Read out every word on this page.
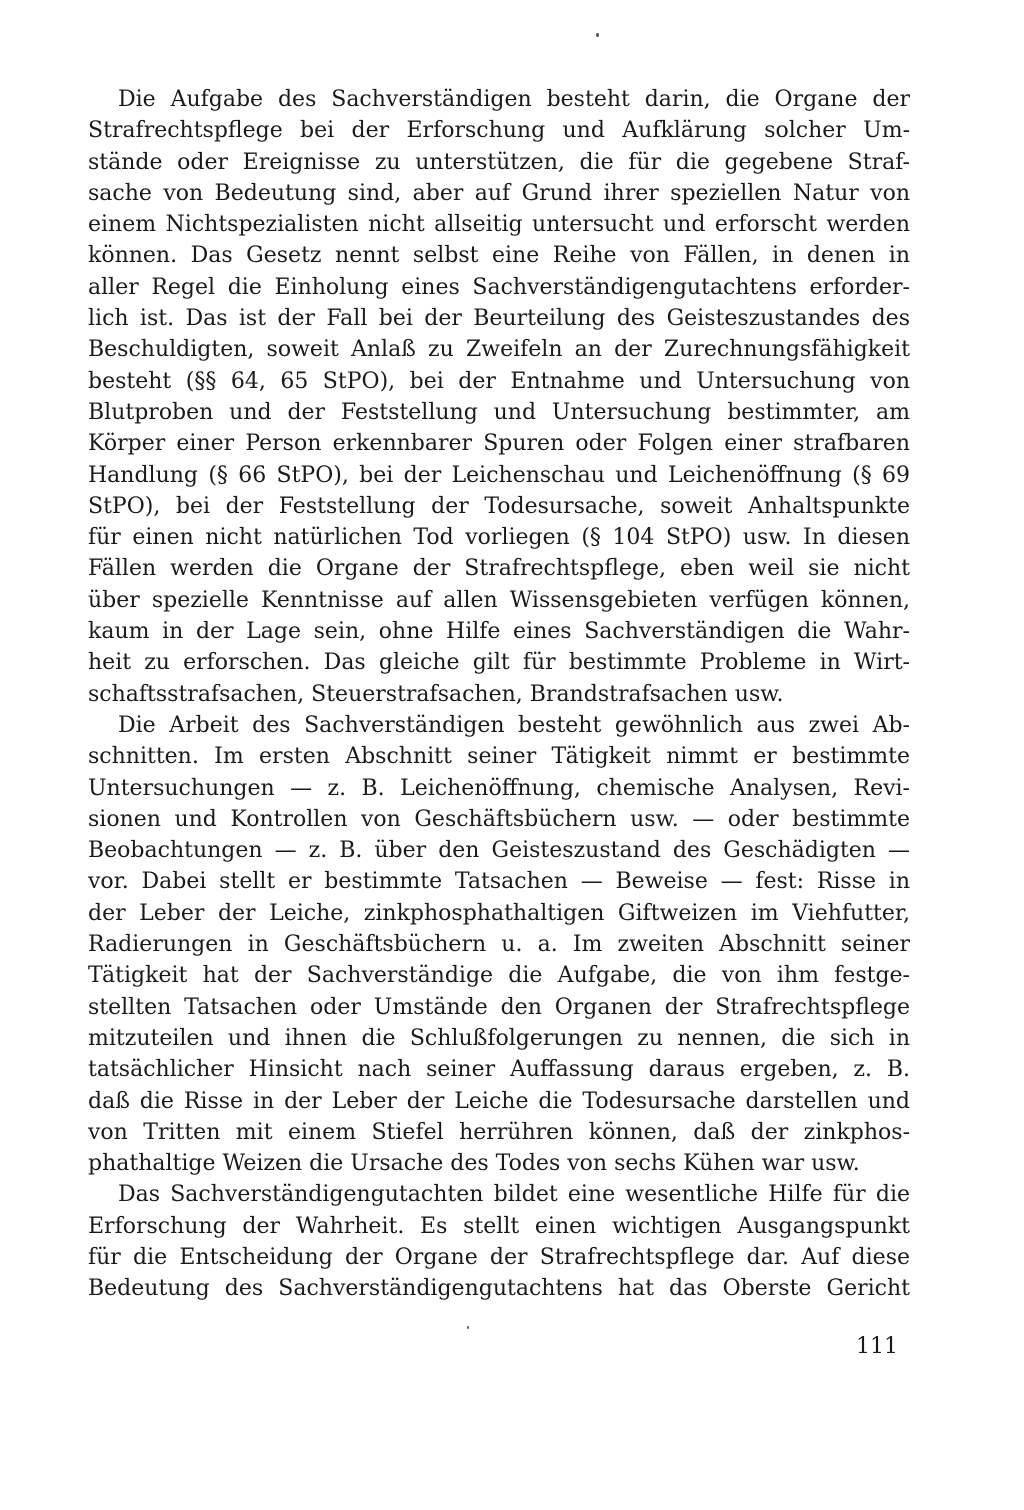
Die Aufgabe des Sachverständigen besteht darin, die Organe der
Strafrechtspflege bei der Erforschung und Aufklärung solcher Um-
stände oder Ereignisse zu unterstützen, die für die gegebene Straf-
sache von Bedeutung sind, aber auf Grund ihrer speziellen Natur von
einem Nichtspezialisten nicht allseitig untersucht und erforscht werden
können. Das Gesetz nennt selbst eine Reihe von Fällen, in denen in
aller Regel die Einholung eines Sachverständigengutachtens erforder-
lich ist. Das ist der Fall bei der Beurteilung des Geisteszustandes des
Beschuldigten, soweit Anlaß zu Zweifeln an der Zurechnungsfähigkeit
besteht (§§ 64, 65 StPO), bei der Entnahme und Untersuchung von
Blutproben und der Feststellung und Untersuchung bestimmter, am
Körper einer Person erkennbarer Spuren oder Folgen einer strafbaren
Handlung (§ 66 StPO), bei der Leichenschau und Leichenöffnung (§ 69
StPO), bei der Feststellung der Todesursache, soweit Anhaltspunkte
für einen nicht natürlichen Tod vorliegen (§ 104 StPO) usw. In diesen
Fällen werden die Organe der Strafrechtspflege, eben weil sie nicht
über spezielle Kenntnisse auf allen Wissensgebieten verfügen können,
kaum in der Lage sein, ohne Hilfe eines Sachverständigen die Wahr-
heit zu erforschen. Das gleiche gilt für bestimmte Probleme in Wirt-
schaftsstrafsachen, Steuerstrafsachen, Brandstrafsachen usw.
Die Arbeit des Sachverständigen besteht gewöhnlich aus zwei Ab-
schnitten. Im ersten Abschnitt seiner Tätigkeit nimmt er bestimmte
Untersuchungen — z. B. Leichenöffnung, chemische Analysen, Revi-
sionen und Kontrollen von Geschäftsbüchern usw. — oder bestimmte
Beobachtungen — z. B. über den Geisteszustand des Geschädigten —
vor. Dabei stellt er bestimmte Tatsachen — Beweise — fest: Risse in
der Leber der Leiche, zinkphosphathaltigen Giftweizen im Viehfutter,
Radierungen in Geschäftsbüchern u. a. Im zweiten Abschnitt seiner
Tätigkeit hat der Sachverständige die Aufgabe, die von ihm festge-
stellten Tatsachen oder Umstände den Organen der Strafrechtspflege
mitzuteilen und ihnen die Schlußfolgerungen zu nennen, die sich in
tatsächlicher Hinsicht nach seiner Auffassung daraus ergeben, z. B.
daß die Risse in der Leber der Leiche die Todesursache darstellen und
von Tritten mit einem Stiefel herrühren können, daß der zinkphos-
phathaltige Weizen die Ursache des Todes von sechs Kühen war usw.
Das Sachverständigengutachten bildet eine wesentliche Hilfe für die
Erforschung der Wahrheit. Es stellt einen wichtigen Ausgangspunkt
für die Entscheidung der Organe der Strafrechtspflege dar. Auf diese
Bedeutung des Sachverständigengutachtens hat das Oberste Gericht
111
